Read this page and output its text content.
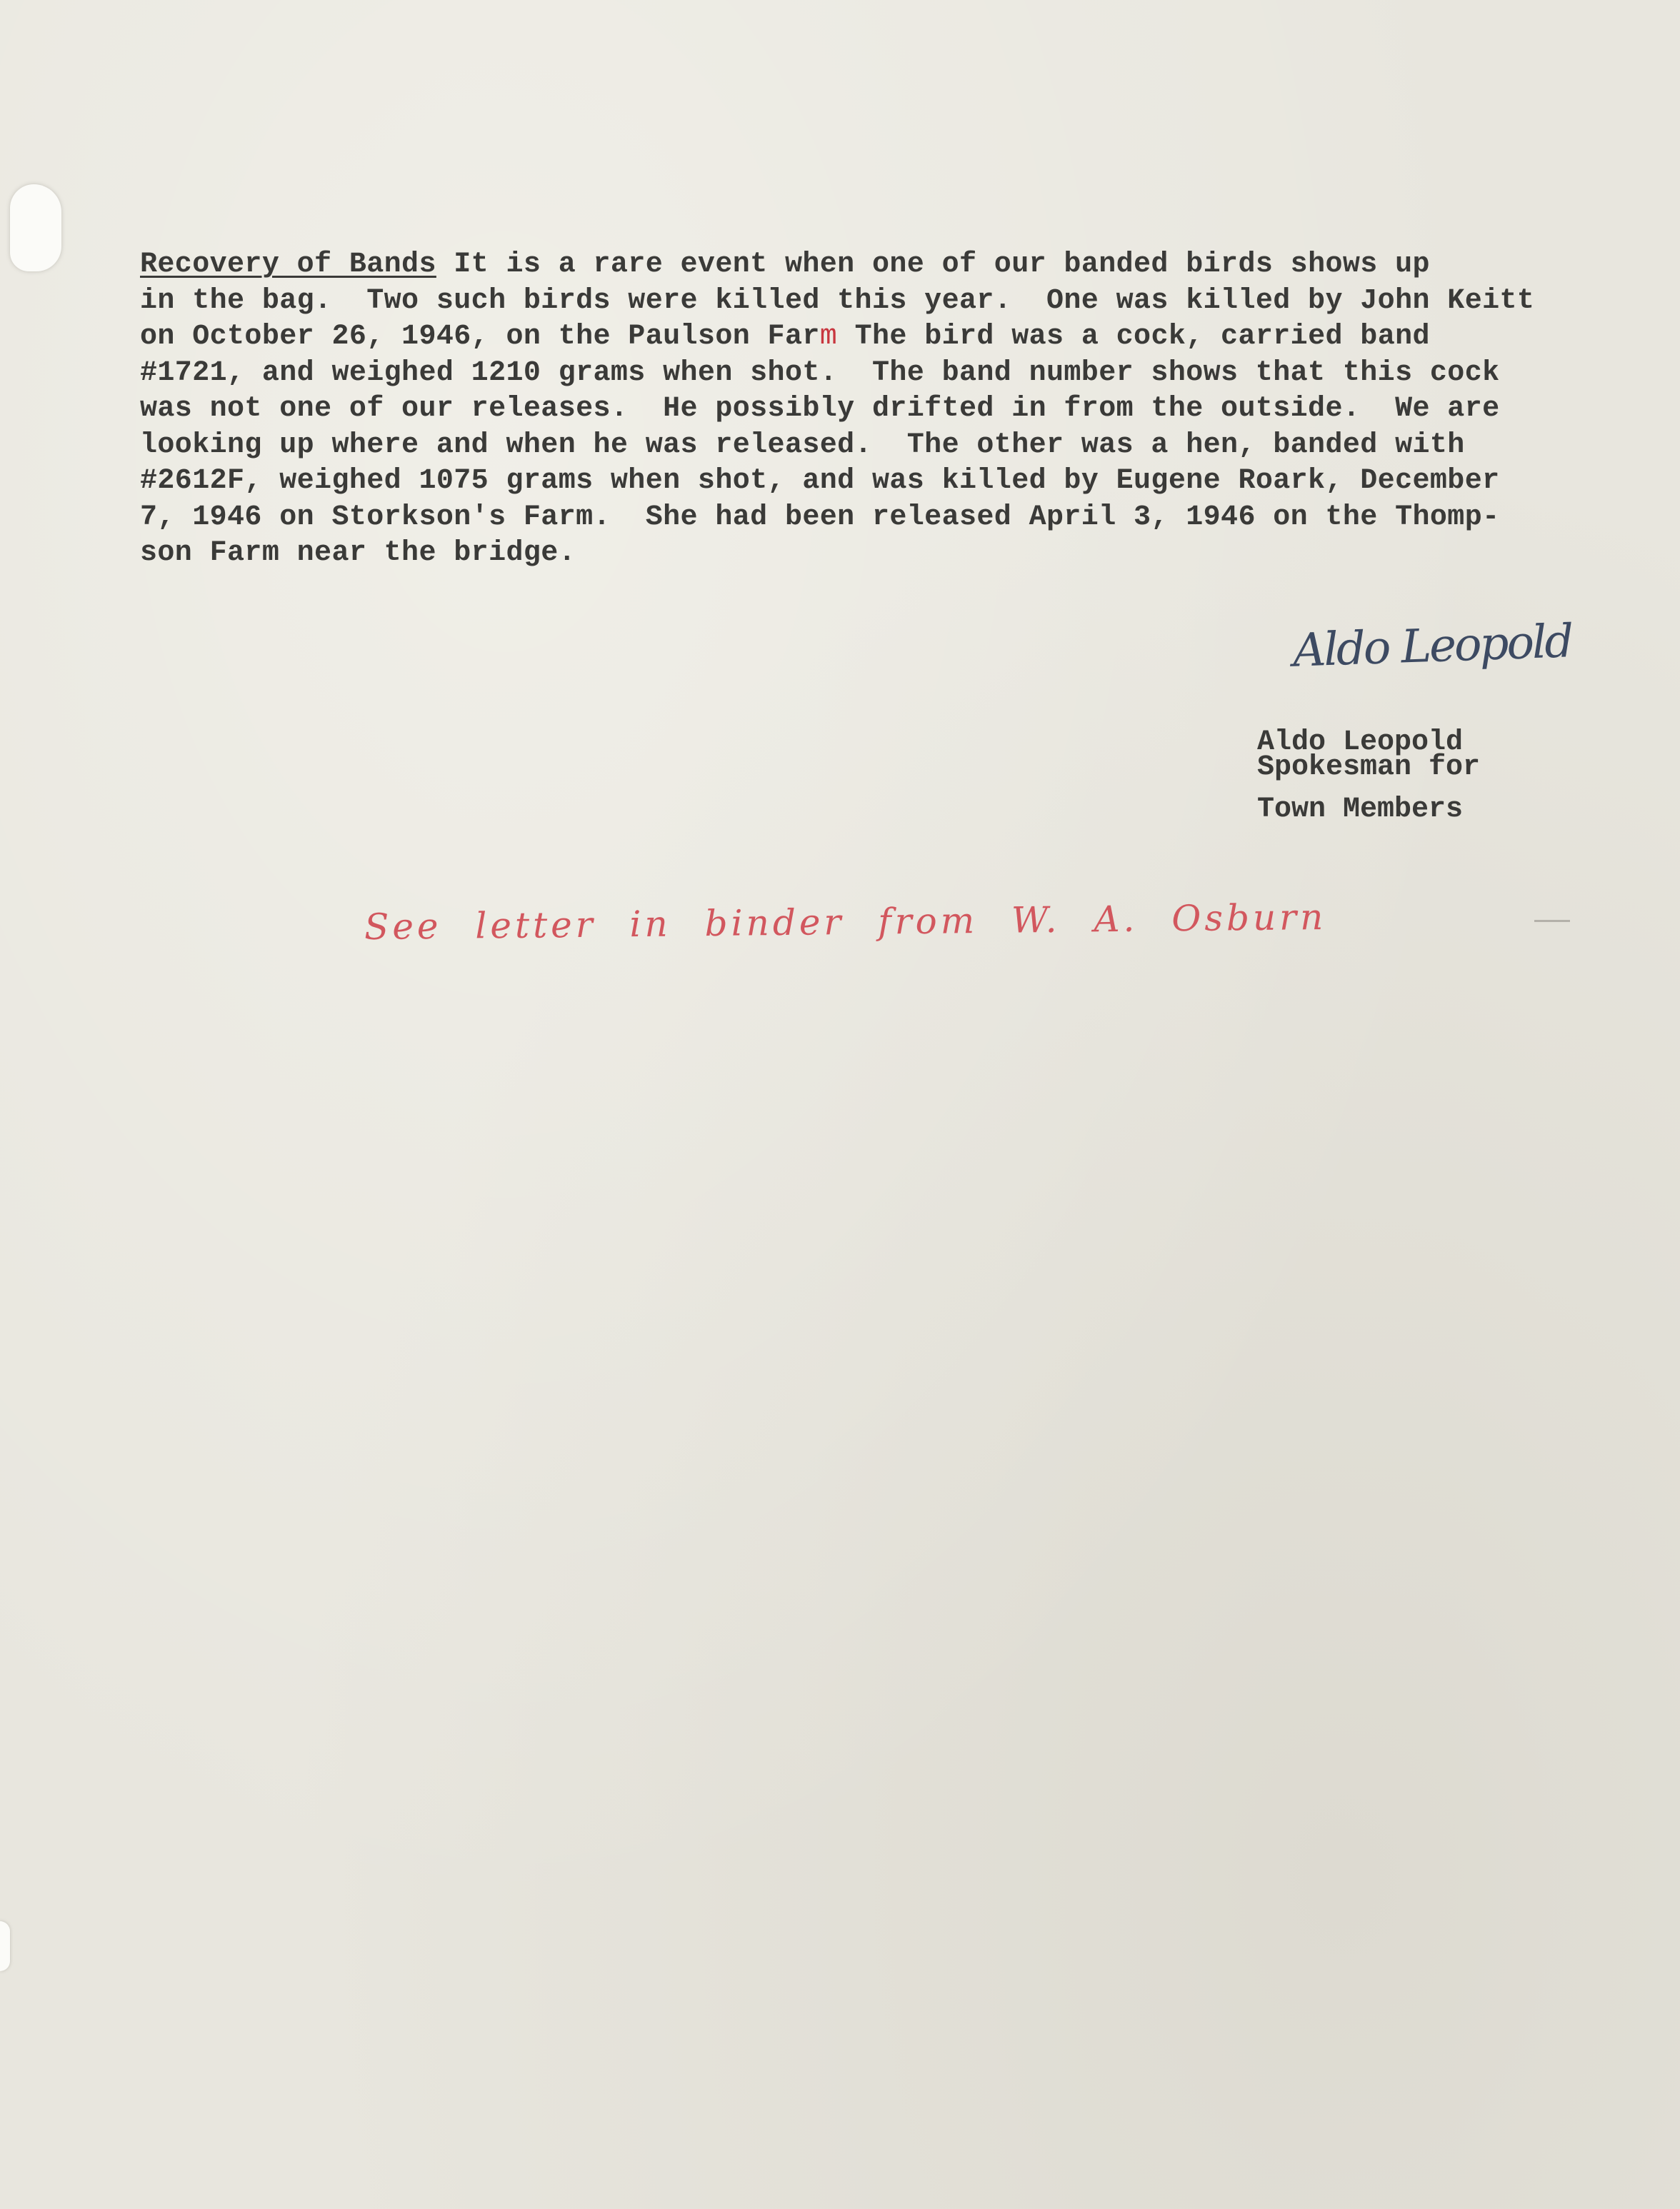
Recovery of Bands It is a rare event when one of our banded birds shows up
in the bag.  Two such birds were killed this year.  One was killed by John Keitt
on October 26, 1946, on the Paulson Farm The bird was a cock, carried band
#1721, and weighed 1210 grams when shot.  The band number shows that this cock
was not one of our releases.  He possibly drifted in from the outside.  We are
looking up where and when he was released.  The other was a hen, banded with
#2612F, weighed 1075 grams when shot, and was killed by Eugene Roark, December
7, 1946 on Storkson's Farm.  She had been released April 3, 1946 on the Thomp-
son Farm near the bridge.
Aldo Leopold
Aldo Leopold
Spokesman for
Town Members
See letter in binder from W. A. Osburn
